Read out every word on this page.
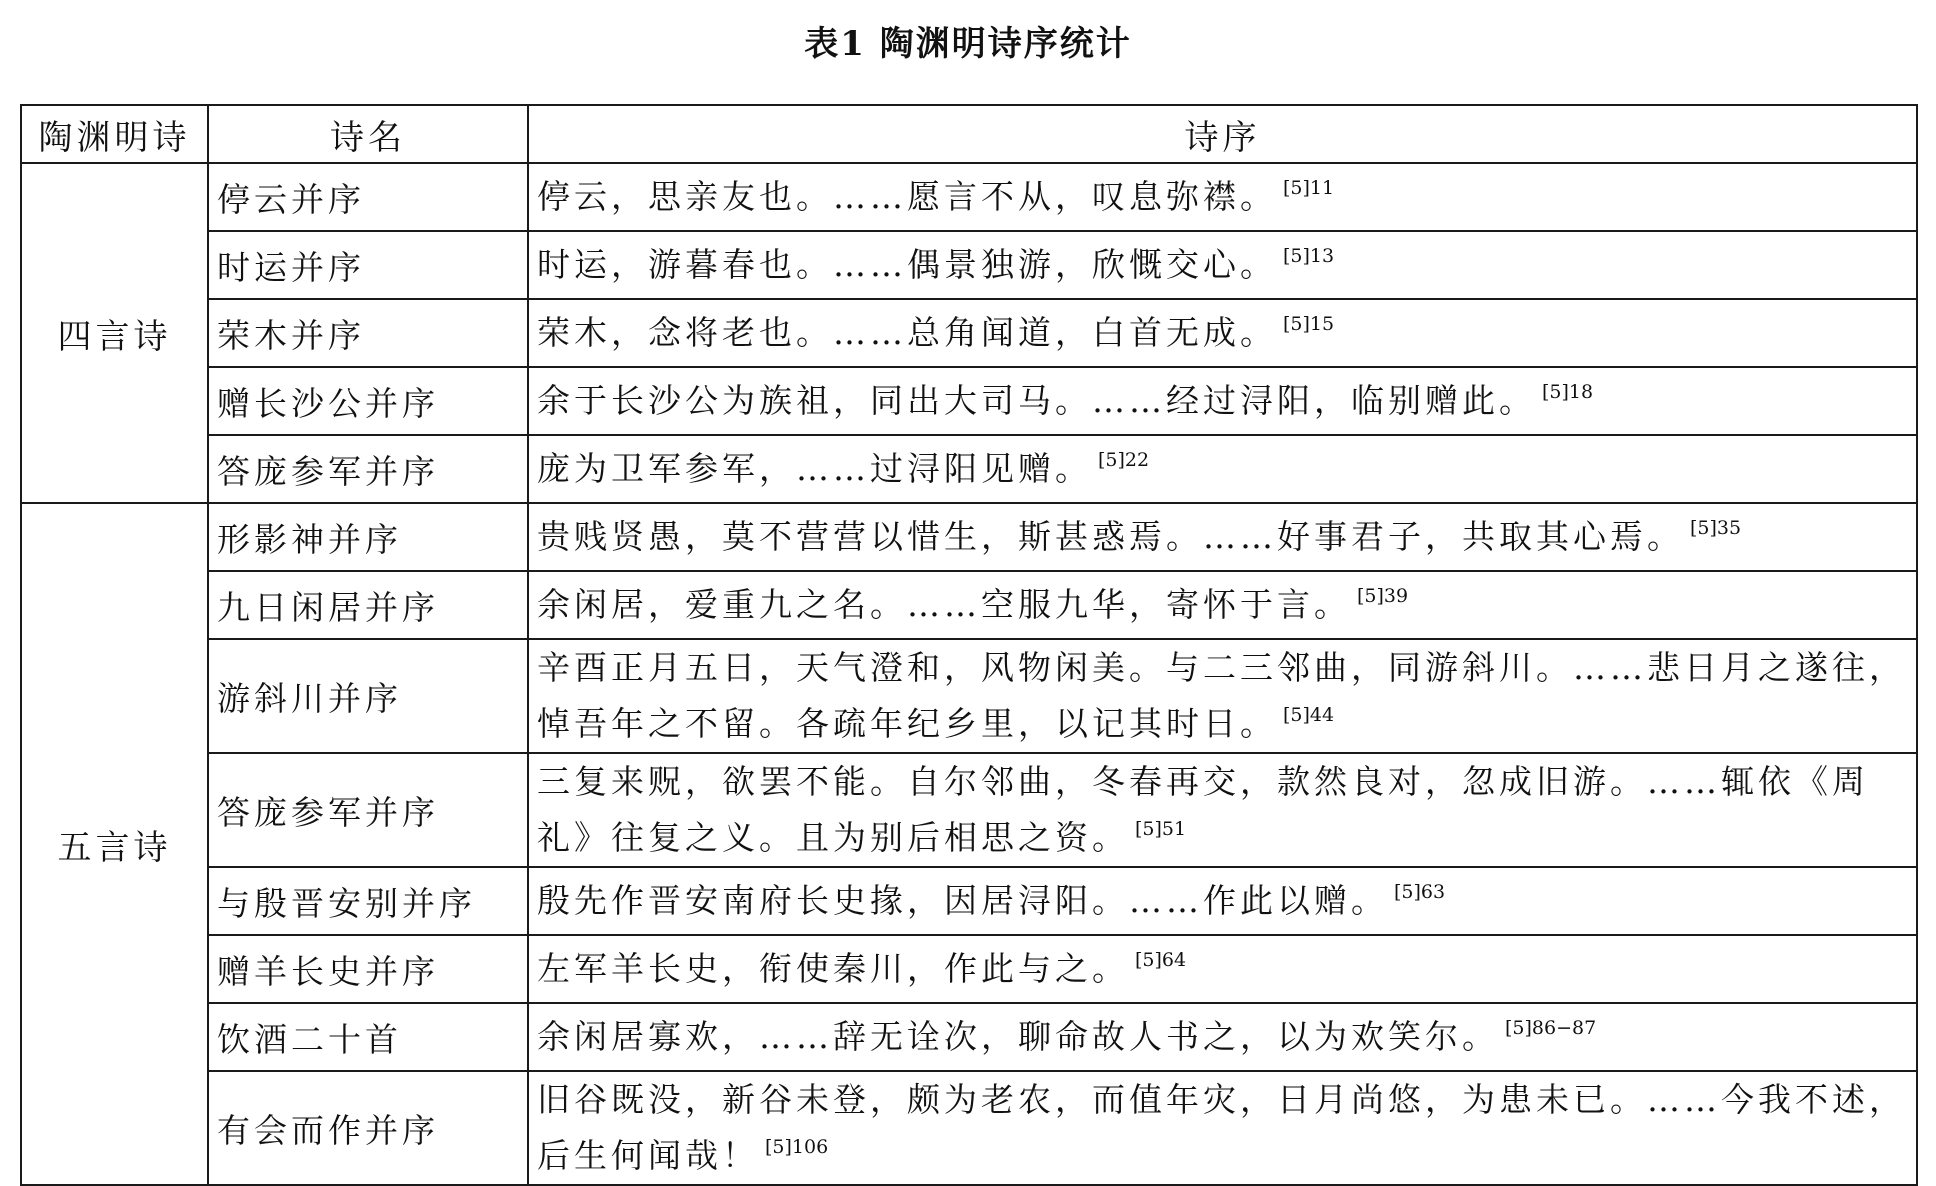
表1 陶渊明诗序统计
陶渊明诗	诗名	诗序
四言诗	停云并序	停云，思亲友也。……愿言不从，叹息弥襟。 $^{[5]11}$
	时运并序	时运，游暮春也。……偶景独游，欣慨交心。 $^{[5]13}$
	荣木并序	荣木，念将老也。……总角闻道，白首无成。 $^{[5]15}$
	赠长沙公并序	余于长沙公为族祖，同出大司马。……经过浔阳，临别赠此。 $^{[5]18}$
	答庞参军并序	庞为卫军参军，……过浔阳见赠。 $^{[5]22}$
五言诗	形影神并序	贵贱贤愚，莫不营营以惜生，斯甚惑焉。……好事君子，共取其心焉。 $^{[5]35}$
	九日闲居并序	余闲居，爱重九之名。……空服九华，寄怀于言。 $^{[5]39}$
	游斜川并序	辛酉正月五日，天气澄和，风物闲美。与二三邻曲，同游斜川。……悲日月之遂往，悼吾年之不留。各疏年纪乡里，以记其时日。 $^{[5]44}$
	答庞参军并序	三复来贶，欲罢不能。自尔邻曲，冬春再交，款然良对，忽成旧游。……辄依《周礼》往复之义。且为别后相思之资。 $^{[5]51}$
	与殷晋安别并序	殷先作晋安南府长史掾，因居浔阳。……作此以赠。 $^{[5]63}$
	赠羊长史并序	左军羊长史，衔使秦川，作此与之。 $^{[5]64}$
	饮酒二十首	余闲居寡欢，……辞无诠次，聊命故人书之，以为欢笑尔。 $^{[5]86-87}$
	有会而作并序	旧谷既没，新谷未登，颇为老农，而值年灾，日月尚悠，为患未已。……今我不述，后生何闻哉！ $^{[5]106}$
